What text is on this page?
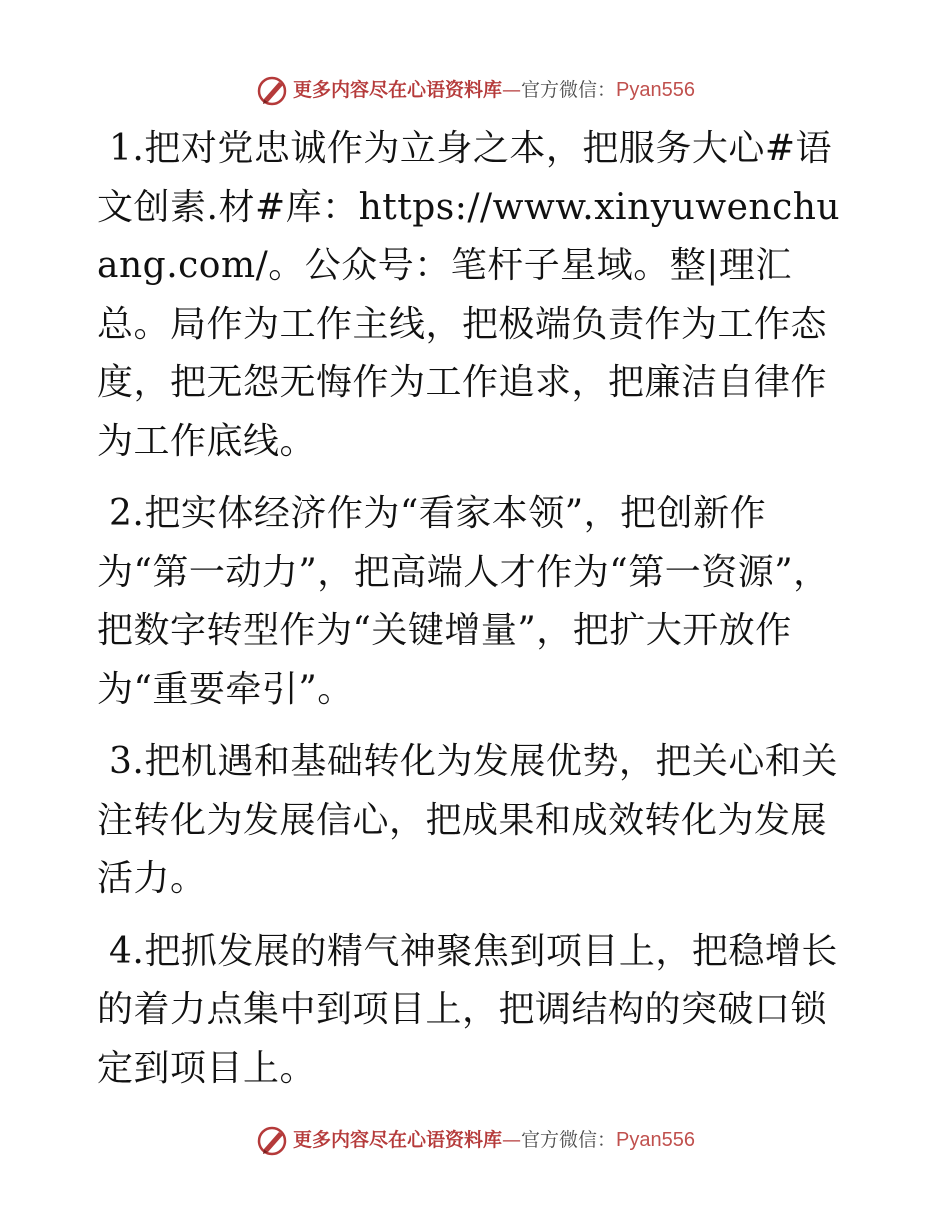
更多内容尽在心语资料库—官方微信：Pyan556

1.把对党忠诚作为立身之本，把服务大心#语文创素.材#库：https://www.xinyuwenchuang.com/。公众号：笔杆子星域。整|理汇总。局作为工作主线，把极端负责作为工作态度，把无怨无悔作为工作追求，把廉洁自律作为工作底线。

2.把实体经济作为“看家本领”，把创新作为“第一动力”，把高端人才作为“第一资源”，把数字转型作为“关键增量”，把扩大开放作为“重要牵引”。

3.把机遇和基础转化为发展优势，把关心和关注转化为发展信心，把成果和成效转化为发展活力。

4.把抓发展的精气神聚焦到项目上，把稳增长的着力点集中到项目上，把调结构的突破口锁定到项目上。

更多内容尽在心语资料库—官方微信：Pyan556
